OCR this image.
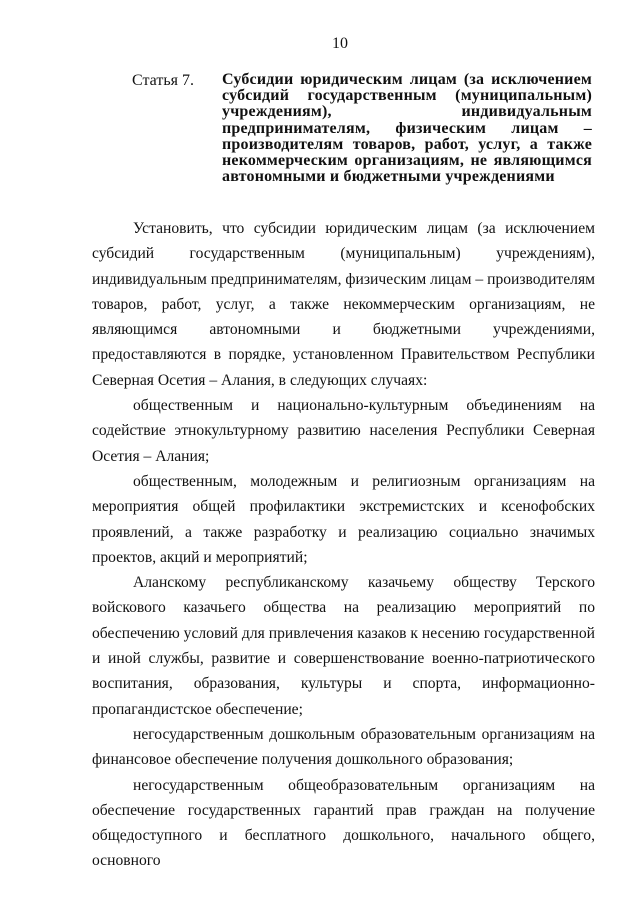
10
Статья 7.	Субсидии юридическим лицам (за исключением субсидий государственным (муниципальным) учреждениям), индивидуальным предпринимателям, физическим лицам – производителям товаров, работ, услуг, а также некоммерческим организациям, не являющимся автономными и бюджетными учреждениями

Установить, что субсидии юридическим лицам (за исключением субсидий государственным (муниципальным) учреждениям), индивидуальным предпринимателям, физическим лицам – производителям товаров, работ, услуг, а также некоммерческим организациям, не являющимся автономными и бюджетными учреждениями, предоставляются в порядке, установленном Правительством Республики Северная Осетия – Алания, в следующих случаях:

общественным и национально-культурным объединениям на содействие этнокультурному развитию населения Республики Северная Осетия – Алания;

общественным, молодежным и религиозным организациям на мероприятия общей профилактики экстремистских и ксенофобских проявлений, а также разработку и реализацию социально значимых проектов, акций и мероприятий;

Аланскому республиканскому казачьему обществу Терского войскового казачьего общества на реализацию мероприятий по обеспечению условий для привлечения казаков к несению государственной и иной службы, развитие и совершенствование военно-патриотического воспитания, образования, культуры и спорта, информационно-пропагандистское обеспечение;

негосударственным дошкольным образовательным организациям на финансовое обеспечение получения дошкольного образования;

негосударственным общеобразовательным организациям на обеспечение государственных гарантий прав граждан на получение общедоступного и бесплатного дошкольного, начального общего, основного
